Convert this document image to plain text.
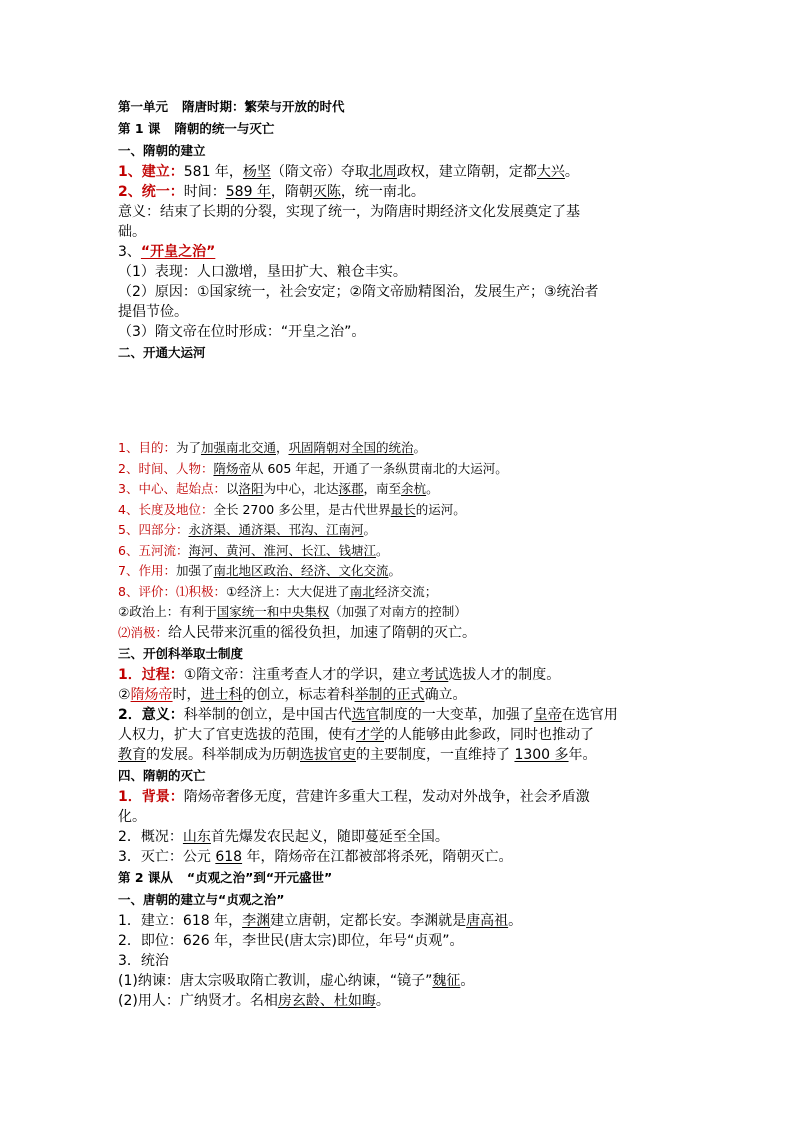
第一单元 隋唐时期：繁荣与开放的时代
第 1 课 隋朝的统一与灭亡
一、隋朝的建立
1、建立：581 年，杨坚（隋文帝）夺取北周政权，建立隋朝，定都大兴。
2、统一：时间：589 年，隋朝灭陈，统一南北。
意义：结束了长期的分裂，实现了统一，为隋唐时期经济文化发展奠定了基
础。
3、“开皇之治”
（1）表现：人口激增，垦田扩大、粮仓丰实。
（2）原因：①国家统一，社会安定；②隋文帝励精图治，发展生产；③统治者
提倡节俭。
（3）隋文帝在位时形成：“开皇之治”。
二、开通大运河
1、目的：为了加强南北交通，巩固隋朝对全国的统治。
2、时间、人物：隋炀帝从 605 年起，开通了一条纵贯南北的大运河。
3、中心、起始点：以洛阳为中心，北达涿郡，南至余杭。
4、长度及地位：全长 2700 多公里，是古代世界最长的运河。
5、四部分：永济渠、通济渠、邗沟、江南河。
6、五河流：海河、黄河、淮河、长江、钱塘江。
7、作用：加强了南北地区政治、经济、文化交流。
8、评价：⑴积极：①经济上：大大促进了南北经济交流；
②政治上：有利于国家统一和中央集权（加强了对南方的控制）
⑵消极：给人民带来沉重的徭役负担，加速了隋朝的灭亡。
三、开创科举取士制度
1．过程：①隋文帝：注重考查人才的学识，建立考试选拔人才的制度。
②隋炀帝时，进士科的创立，标志着科举制的正式确立。
2．意义：科举制的创立，是中国古代选官制度的一大变革，加强了皇帝在选官用
人权力，扩大了官吏选拔的范围，使有才学的人能够由此参政，同时也推动了
教育的发展。科举制成为历朝选拔官吏的主要制度，一直维持了 1300 多年。
四、隋朝的灭亡
1．背景：隋炀帝奢侈无度，营建许多重大工程，发动对外战争，社会矛盾激
化。
2．概况：山东首先爆发农民起义，随即蔓延至全国。
3．灭亡：公元 618 年，隋炀帝在江都被部将杀死，隋朝灭亡。
第 2 课从 “贞观之治”到“开元盛世”
一、唐朝的建立与“贞观之治”
1．建立：618 年，李渊建立唐朝，定都长安。李渊就是唐高祖。
2．即位：626 年，李世民(唐太宗)即位，年号“贞观”。
3．统治
(1)纳谏：唐太宗吸取隋亡教训，虚心纳谏，“镜子”魏征。
(2)用人：广纳贤才。名相房玄龄、杜如晦。
